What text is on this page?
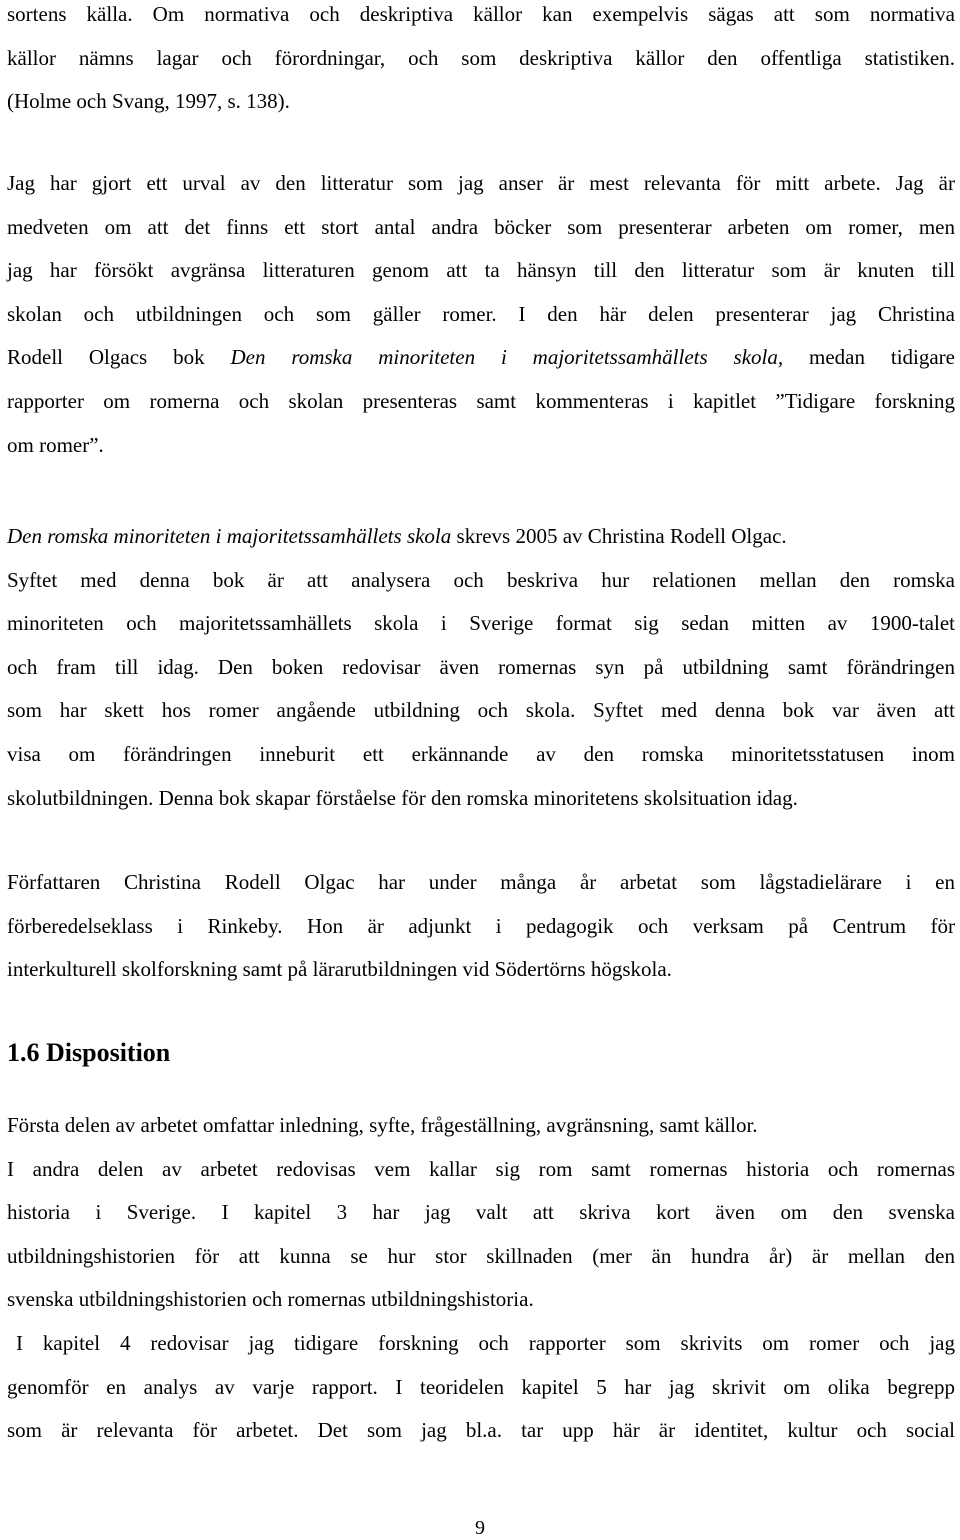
sortens källa. Om normativa och deskriptiva källor kan exempelvis sägas att som normativa
källor nämns lagar och förordningar, och som deskriptiva källor den offentliga statistiken.
(Holme och Svang, 1997, s. 138).
Jag har gjort ett urval av den litteratur som jag anser är mest relevanta för mitt arbete. Jag är
medveten om att det finns ett stort antal andra böcker som presenterar arbeten om romer, men
jag har försökt avgränsa litteraturen genom att ta hänsyn till den litteratur som är knuten till
skolan och utbildningen och som gäller romer. I den här delen presenterar jag Christina
Rodell Olgacs bok Den romska minoriteten i majoritetssamhällets skola, medan tidigare
rapporter om romerna och skolan presenteras samt kommenteras i kapitlet ”Tidigare forskning
om romer”.
Den romska minoriteten i majoritetssamhällets skola skrevs 2005 av Christina Rodell Olgac.
Syftet med denna bok är att analysera och beskriva hur relationen mellan den romska
minoriteten och majoritetssamhällets skola i Sverige format sig sedan mitten av 1900-talet
och fram till idag. Den boken redovisar även romernas syn på utbildning samt förändringen
som har skett hos romer angående utbildning och skola. Syftet med denna bok var även att
visa om förändringen inneburit ett erkännande av den romska minoritetsstatusen inom
skolutbildningen. Denna bok skapar förståelse för den romska minoritetens skolsituation idag.
Författaren Christina Rodell Olgac har under många år arbetat som lågstadielärare i en
förberedelseklass i Rinkeby. Hon är adjunkt i pedagogik och verksam på Centrum för
interkulturell skolforskning samt på lärarutbildningen vid Södertörns högskola.
1.6 Disposition
Första delen av arbetet omfattar inledning, syfte, frågeställning, avgränsning, samt källor.
I andra delen av arbetet redovisas vem kallar sig rom samt romernas historia och romernas
historia i Sverige. I kapitel 3 har jag valt att skriva kort även om den svenska
utbildningshistorien för att kunna se hur stor skillnaden (mer än hundra år) är mellan den
svenska utbildningshistorien och romernas utbildningshistoria.
I kapitel 4 redovisar jag tidigare forskning och rapporter som skrivits om romer och jag
genomför en analys av varje rapport. I teoridelen kapitel 5 har jag skrivit om olika begrepp
som är relevanta för arbetet. Det som jag bl.a. tar upp här är identitet, kultur och social
9
